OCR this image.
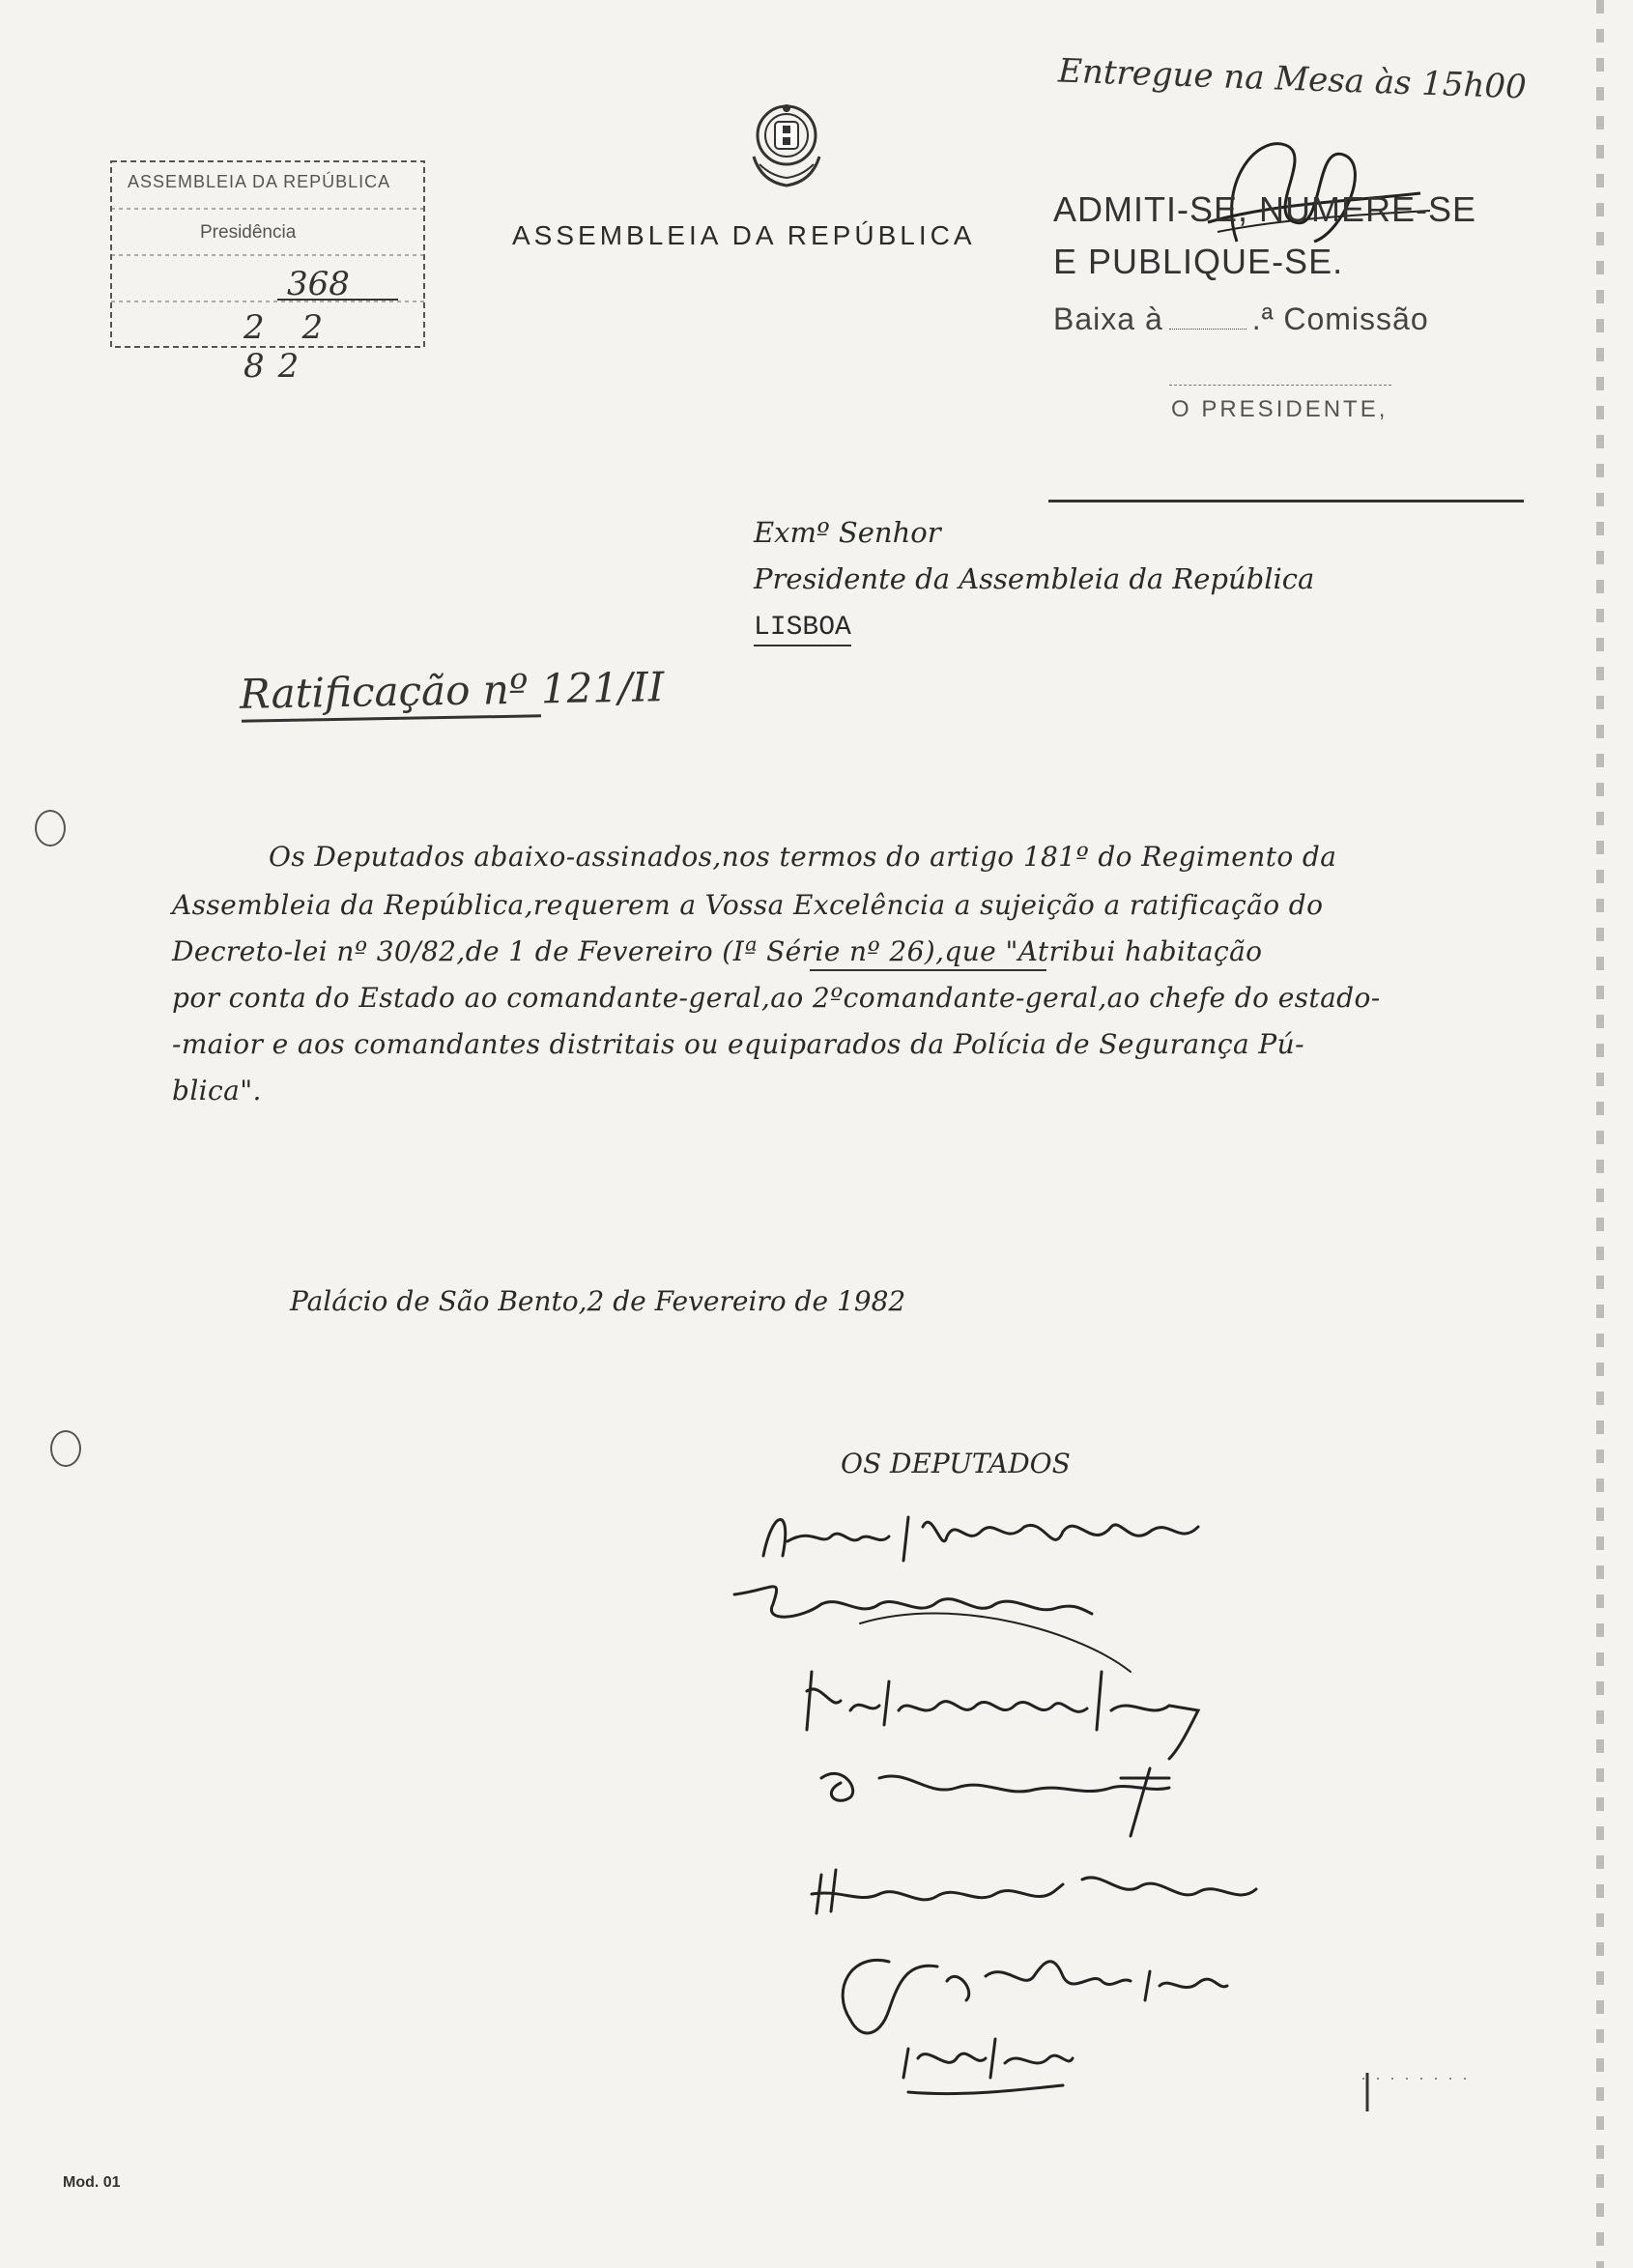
ASSEMBLEIA DA REPÚBLICA
Presidência
368
2 2 82
ASSEMBLEIA DA REPÚBLICA
Entregue na Mesa às 15h00
ADMITI-SE, NUMERE-SE
E PUBLIQUE-SE.
Baixa à	.ª Comissão
O PRESIDENTE,
Exmº Senhor
Presidente da Assembleia da República
LISBOA
Ratificação nº 121/II
Os Deputados abaixo-assinados,nos termos do artigo 181º do Regimento da
Assembleia da República,requerem a Vossa Excelência a sujeição a ratificação do
Decreto-lei nº 30/82,de 1 de Fevereiro (Iª Série nº 26),que "Atribui habitação
por conta do Estado ao comandante-geral,ao 2ºcomandante-geral,ao chefe do estado-
-maior e aos comandantes distritais ou equiparados da Polícia de Segurança Pú-
blica".
Palácio de São Bento,2 de Fevereiro de 1982
OS DEPUTADOS
· · · · · · · ·
Mod. 01
